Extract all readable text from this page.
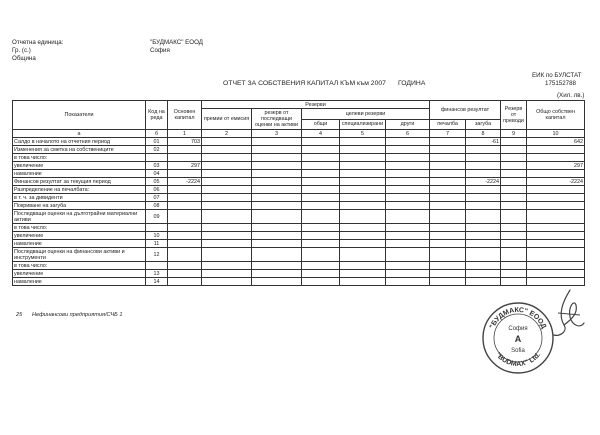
Отчетна единица:	"БУДМАКС" ЕООД
Гр. (с.)	София
Община
ЕИК по БУЛСТАТ
175152788
ОТЧЕТ ЗА СОБСТВЕНИЯ КАПИТАЛ КЪМ към 2007 ГОДИНА
(Хил. лв.)
Показатели	Код на реда	Основен капитал	Резерви					финансов резултат		Резерв от преводи	Общо собствен капитал
			премии от емисия	резерв от последващи оценки на активи	целеви резерви						
					общи	специализирани	други	печалба	загуба		
а	б	1	2	3	4	5	6	7	8	9	10
Салдо в началото на отчетния период	01	703							-61		642
Изменения за сметка на собствениците	02										
в това число:											
увеличение	03	297									297
намаление	04										
Финансов резултат за текущия период	05	-2224							-2224		-2224
Разпределение на печалбата:	06										
в т. ч. за дивиденти	07										
Покриване на загуба	08										
Последващи оценки на дълготрайни материални активи	09										
в това число:											
увеличение	10										
намаление	11										
Последващи оценки на финансови активи и инструменти	12										
в това число:											
увеличение	13										
намаление	14										
25 Нефинансови предприятия/СЧБ 1
"БУДМАКС" ЕООД
"BUDMAX" Ltd.
София
A
Sofia
